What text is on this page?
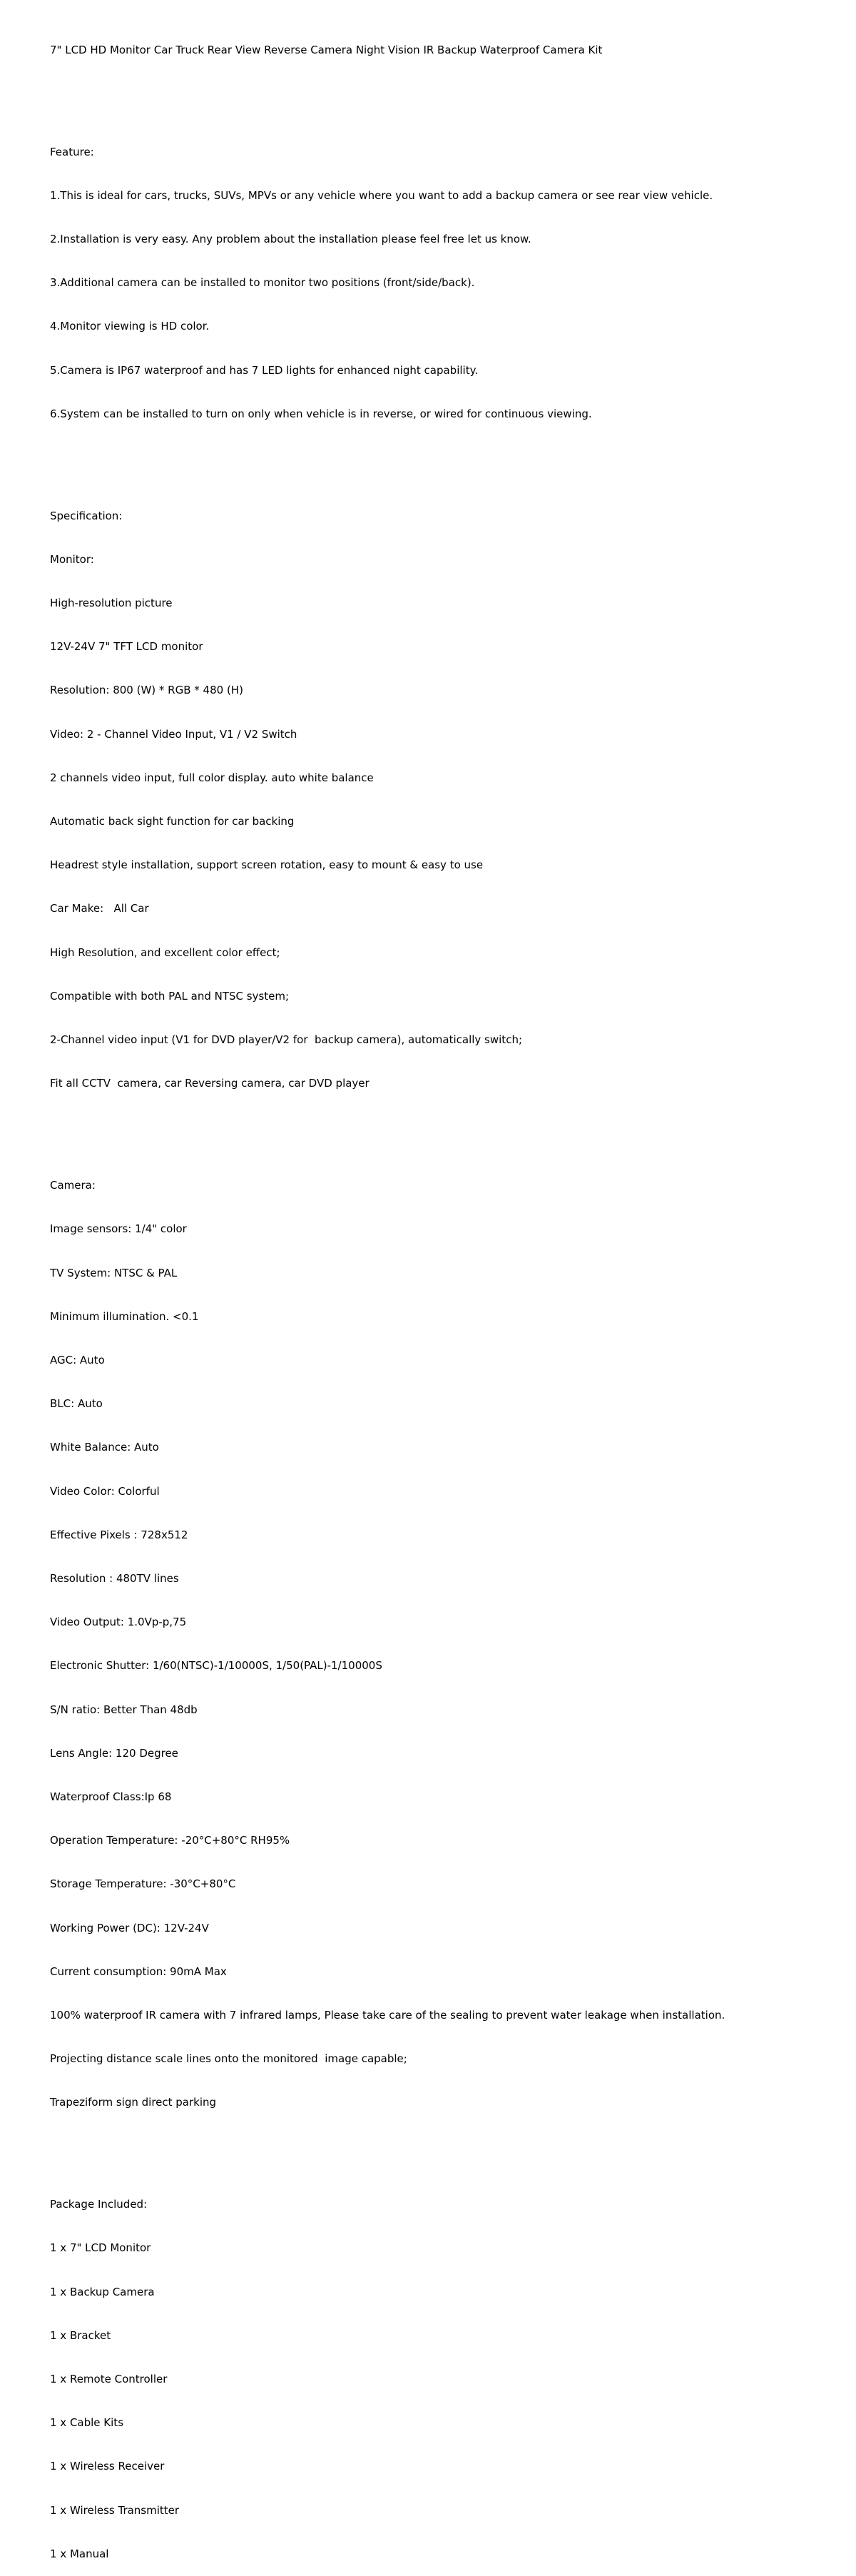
7" LCD HD Monitor Car Truck Rear View Reverse Camera Night Vision IR Backup Waterproof Camera Kit

Feature:

1.This is ideal for cars, trucks, SUVs, MPVs or any vehicle where you want to add a backup camera or see rear view vehicle.

2.Installation is very easy. Any problem about the installation please feel free let us know.

3.Additional camera can be installed to monitor two positions (front/side/back).

4.Monitor viewing is HD color.

5.Camera is IP67 waterproof and has 7 LED lights for enhanced night capability.

6.System can be installed to turn on only when vehicle is in reverse, or wired for continuous viewing.

Specification:

Monitor:

High-resolution picture

12V-24V 7" TFT LCD monitor

Resolution: 800 (W) * RGB * 480 (H)

Video: 2 - Channel Video Input, V1 / V2 Switch

2 channels video input, full color display. auto white balance

Automatic back sight function for car backing

Headrest style installation, support screen rotation, easy to mount & easy to use

Car Make:   All Car

High Resolution, and excellent color effect;

Compatible with both PAL and NTSC system;

2-Channel video input (V1 for DVD player/V2 for  backup camera), automatically switch;

Fit all CCTV  camera, car Reversing camera, car DVD player

Camera:

Image sensors: 1/4" color

TV System: NTSC & PAL

Minimum illumination. <0.1

AGC: Auto

BLC: Auto

White Balance: Auto

Video Color: Colorful

Effective Pixels : 728x512

Resolution : 480TV lines

Video Output: 1.0Vp-p,75

Electronic Shutter: 1/60(NTSC)-1/10000S, 1/50(PAL)-1/10000S

S/N ratio: Better Than 48db

Lens Angle: 120 Degree

Waterproof Class:Ip 68

Operation Temperature: -20°C+80°C RH95%

Storage Temperature: -30°C+80°C

Working Power (DC): 12V-24V

Current consumption: 90mA Max

100% waterproof IR camera with 7 infrared lamps, Please take care of the sealing to prevent water leakage when installation.

Projecting distance scale lines onto the monitored  image capable;

Trapeziform sign direct parking

Package Included:

1 x 7" LCD Monitor

1 x Backup Camera

1 x Bracket

1 x Remote Controller

1 x Cable Kits

1 x Wireless Receiver

1 x Wireless Transmitter

1 x Manual
